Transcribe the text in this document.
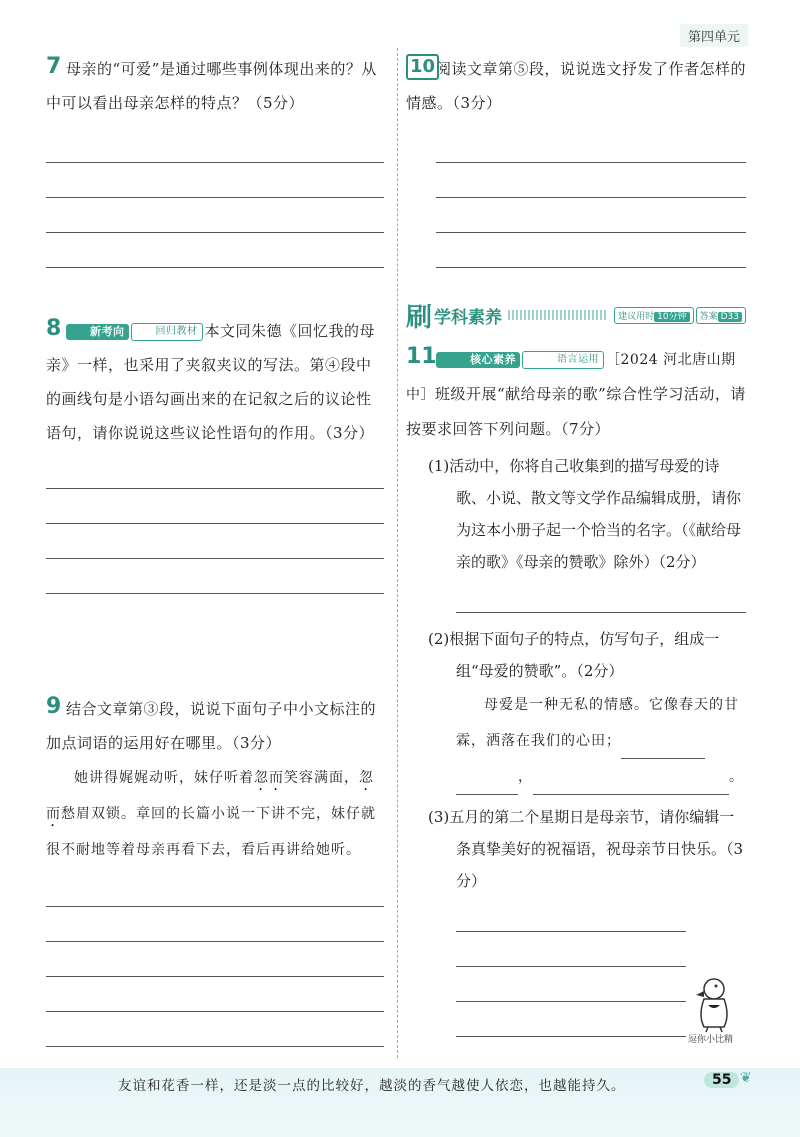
第四单元
7 母亲的“可爱”是通过哪些事例体现出来的？从中可以看出母亲怎样的特点？（5分）
8	新考向	回归教材 本文同朱德《回忆我的母亲》一样，也采用了夹叙夹议的写法。第④段中的画线句是小语勾画出来的在记叙之后的议论性语句，请你说说这些议论性语句的作用。（3分）
9 结合文章第③段，说说下面句子中小文标注的加点词语的运用好在哪里。（3分）
她讲得娓娓动听，妹仔听着忽而笑容满面，忽而愁眉双锁。章回的长篇小说一下讲不完，妹仔就很不耐地等着母亲再看下去，看后再讲给她听。
10 阅读文章第⑤段，说说选文抒发了作者怎样的情感。（3分）
刷 学科素养	建议用时 10分钟	答案 D33
11	核心素养	语言运用 ［2024 河北唐山期中］班级开展“献给母亲的歌”综合性学习活动，请按要求回答下列问题。（7分）
(1)活动中，你将自己收集到的描写母爱的诗歌、小说、散文等文学作品编辑成册，请你为这本小册子起一个恰当的名字。（《献给母亲的歌》《母亲的赞歌》除外）（2分）
(2)根据下面句子的特点，仿写句子，组成一组“母爱的赞歌”。（2分）
母爱是一种无私的情感。它像春天的甘霖，洒落在我们的心田；
，	。
(3)五月的第二个星期日是母亲节，请你编辑一条真挚美好的祝福语，祝母亲节日快乐。（3分）
逗你小比精
友谊和花香一样，还是淡一点的比较好，越淡的香气越使人依恋，也越能持久。	55 ❦
